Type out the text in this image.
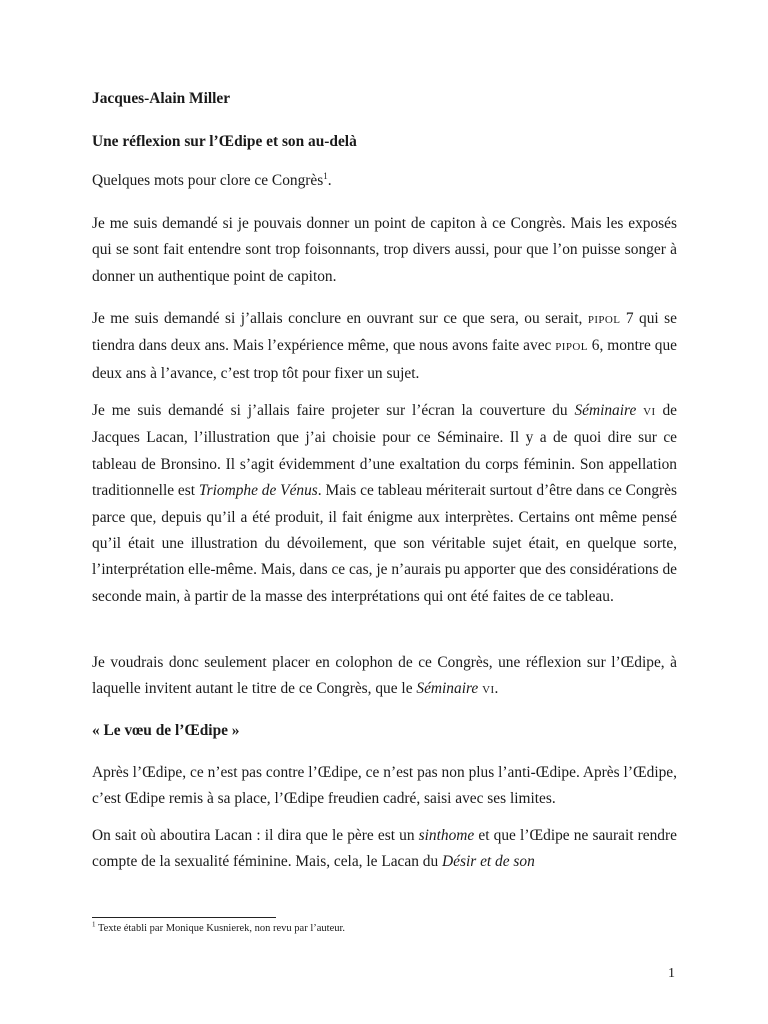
Jacques-Alain Miller
Une réflexion sur l’Œdipe et son au-delà

Quelques mots pour clore ce Congrès$^1$.

Je me suis demandé si je pouvais donner un point de capiton à ce Congrès. Mais les exposés qui se sont fait entendre sont trop foisonnants, trop divers aussi, pour que l’on puisse songer à donner un authentique point de capiton.

Je me suis demandé si j’allais conclure en ouvrant sur ce que sera, ou serait, PIPOL 7 qui se tiendra dans deux ans. Mais l’expérience même, que nous avons faite avec PIPOL 6, montre que deux ans à l’avance, c’est trop tôt pour fixer un sujet.

Je me suis demandé si j’allais faire projeter sur l’écran la couverture du Séminaire VI de Jacques Lacan, l’illustration que j’ai choisie pour ce Séminaire. Il y a de quoi dire sur ce tableau de Bronsino. Il s’agit évidemment d’une exaltation du corps féminin. Son appellation traditionnelle est Triomphe de Vénus. Mais ce tableau mériterait surtout d’être dans ce Congrès parce que, depuis qu’il a été produit, il fait énigme aux interprètes. Certains ont même pensé qu’il était une illustration du dévoilement, que son véritable sujet était, en quelque sorte, l’interprétation elle-même. Mais, dans ce cas, je n’aurais pu apporter que des considérations de seconde main, à partir de la masse des interprétations qui ont été faites de ce tableau.

Je voudrais donc seulement placer en colophon de ce Congrès, une réflexion sur l’Œdipe, à laquelle invitent autant le titre de ce Congrès, que le Séminaire VI.

« Le vœu de l’Œdipe »

Après l’Œdipe, ce n’est pas contre l’Œdipe, ce n’est pas non plus l’anti-Œdipe. Après l’Œdipe, c’est Œdipe remis à sa place, l’Œdipe freudien cadré, saisi avec ses limites.

On sait où aboutira Lacan : il dira que le père est un sinthome et que l’Œdipe ne saurait rendre compte de la sexualité féminine. Mais, cela, le Lacan du Désir et de son

$^1$ Texte établi par Monique Kusnierek, non revu par l’auteur.
1
